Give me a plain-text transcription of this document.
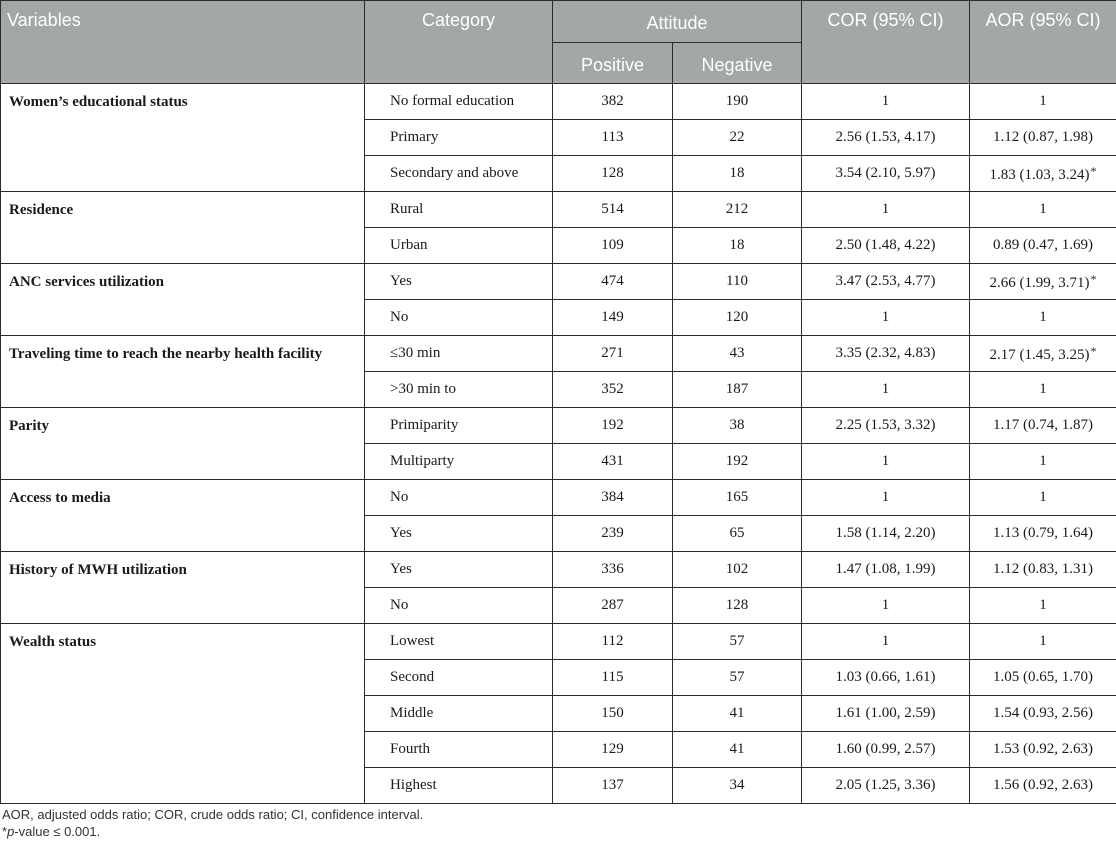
Variables	Category	Attitude		COR (95% CI)	AOR (95% CI)
		Positive	Negative		
Women’s educational status	No formal education	382	190	1	1
	Primary	113	22	2.56 (1.53, 4.17)	1.12 (0.87, 1.98)
	Secondary and above	128	18	3.54 (2.10, 5.97)	1.83 (1.03, 3.24)*
Residence	Rural	514	212	1	1
	Urban	109	18	2.50 (1.48, 4.22)	0.89 (0.47, 1.69)
ANC services utilization	Yes	474	110	3.47 (2.53, 4.77)	2.66 (1.99, 3.71)*
	No	149	120	1	1
Traveling time to reach the nearby health facility	≤30 min	271	43	3.35 (2.32, 4.83)	2.17 (1.45, 3.25)*
	>30 min to	352	187	1	1
Parity	Primiparity	192	38	2.25 (1.53, 3.32)	1.17 (0.74, 1.87)
	Multiparty	431	192	1	1
Access to media	No	384	165	1	1
	Yes	239	65	1.58 (1.14, 2.20)	1.13 (0.79, 1.64)
History of MWH utilization	Yes	336	102	1.47 (1.08, 1.99)	1.12 (0.83, 1.31)
	No	287	128	1	1
Wealth status	Lowest	112	57	1	1
	Second	115	57	1.03 (0.66, 1.61)	1.05 (0.65, 1.70)
	Middle	150	41	1.61 (1.00, 2.59)	1.54 (0.93, 2.56)
	Fourth	129	41	1.60 (0.99, 2.57)	1.53 (0.92, 2.63)
	Highest	137	34	2.05 (1.25, 3.36)	1.56 (0.92, 2.63)
AOR, adjusted odds ratio; COR, crude odds ratio; CI, confidence interval.
*p-value ≤ 0.001.
